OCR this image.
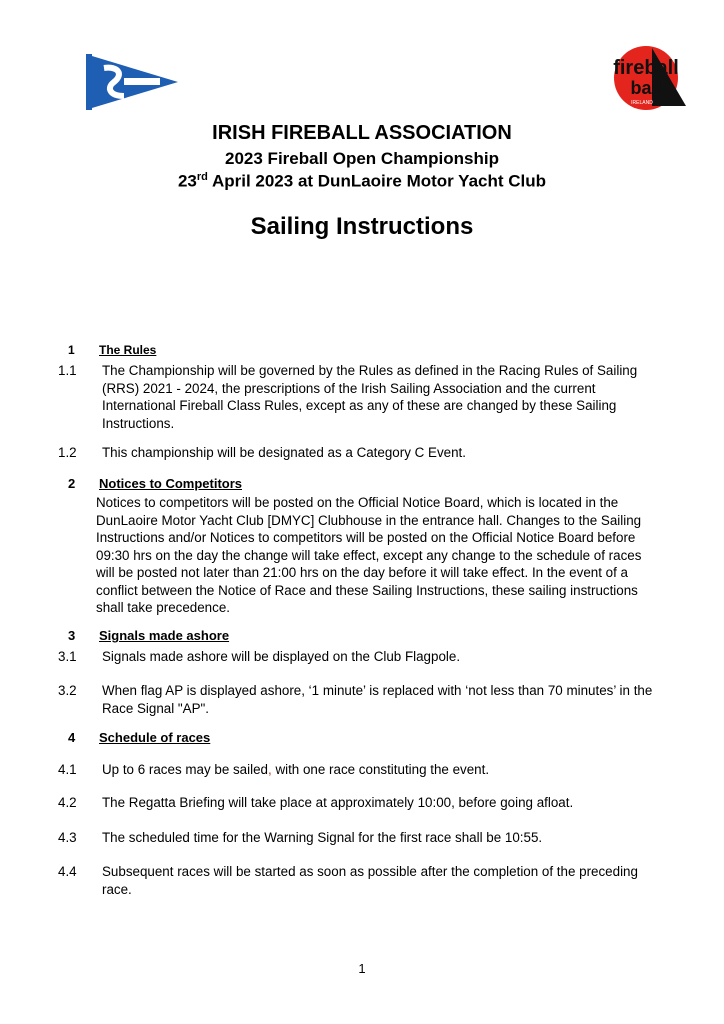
fireball
ball
IRELAND
IRISH FIREBALL ASSOCIATION
2023 Fireball Open Championship
23rd April 2023 at DunLaoire Motor Yacht Club
Sailing Instructions
1 The Rules
1.1 The Championship will be governed by the Rules as defined in the Racing Rules of Sailing (RRS) 2021 - 2024, the prescriptions of the Irish Sailing Association and the current International Fireball Class Rules, except as any of these are changed by these Sailing Instructions.
1.2 This championship will be designated as a Category C Event.
2 Notices to Competitors
Notices to competitors will be posted on the Official Notice Board, which is located in the DunLaoire Motor Yacht Club [DMYC] Clubhouse in the entrance hall. Changes to the Sailing Instructions and/or Notices to competitors will be posted on the Official Notice Board before 09:30 hrs on the day the change will take effect, except any change to the schedule of races will be posted not later than 21:00 hrs on the day before it will take effect. In the event of a conflict between the Notice of Race and these Sailing Instructions, these sailing instructions shall take precedence.
3 Signals made ashore
3.1 Signals made ashore will be displayed on the Club Flagpole.
3.2 When flag AP is displayed ashore, ‘1 minute’ is replaced with ‘not less than 70 minutes’ in the Race Signal "AP".
4 Schedule of races
4.1 Up to 6 races may be sailed, with one race constituting the event.
4.2 The Regatta Briefing will take place at approximately 10:00, before going afloat.
4.3 The scheduled time for the Warning Signal for the first race shall be 10:55.
4.4 Subsequent races will be started as soon as possible after the completion of the preceding race.
1
